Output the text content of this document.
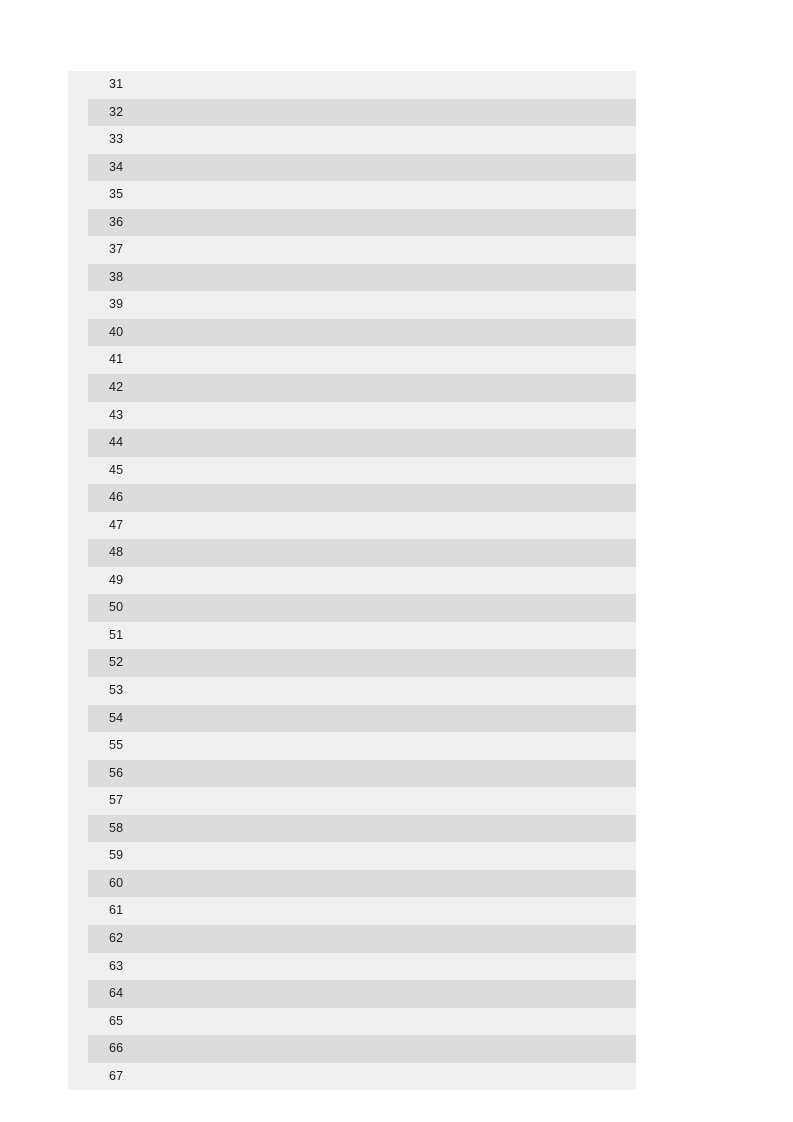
31
32
33
34
35
36
37
38
39
40
41
42
43
44
45
46
47
48
49
50
51
52
53
54
55
56
57
58
59
60
61
62
63
64
65
66
67
